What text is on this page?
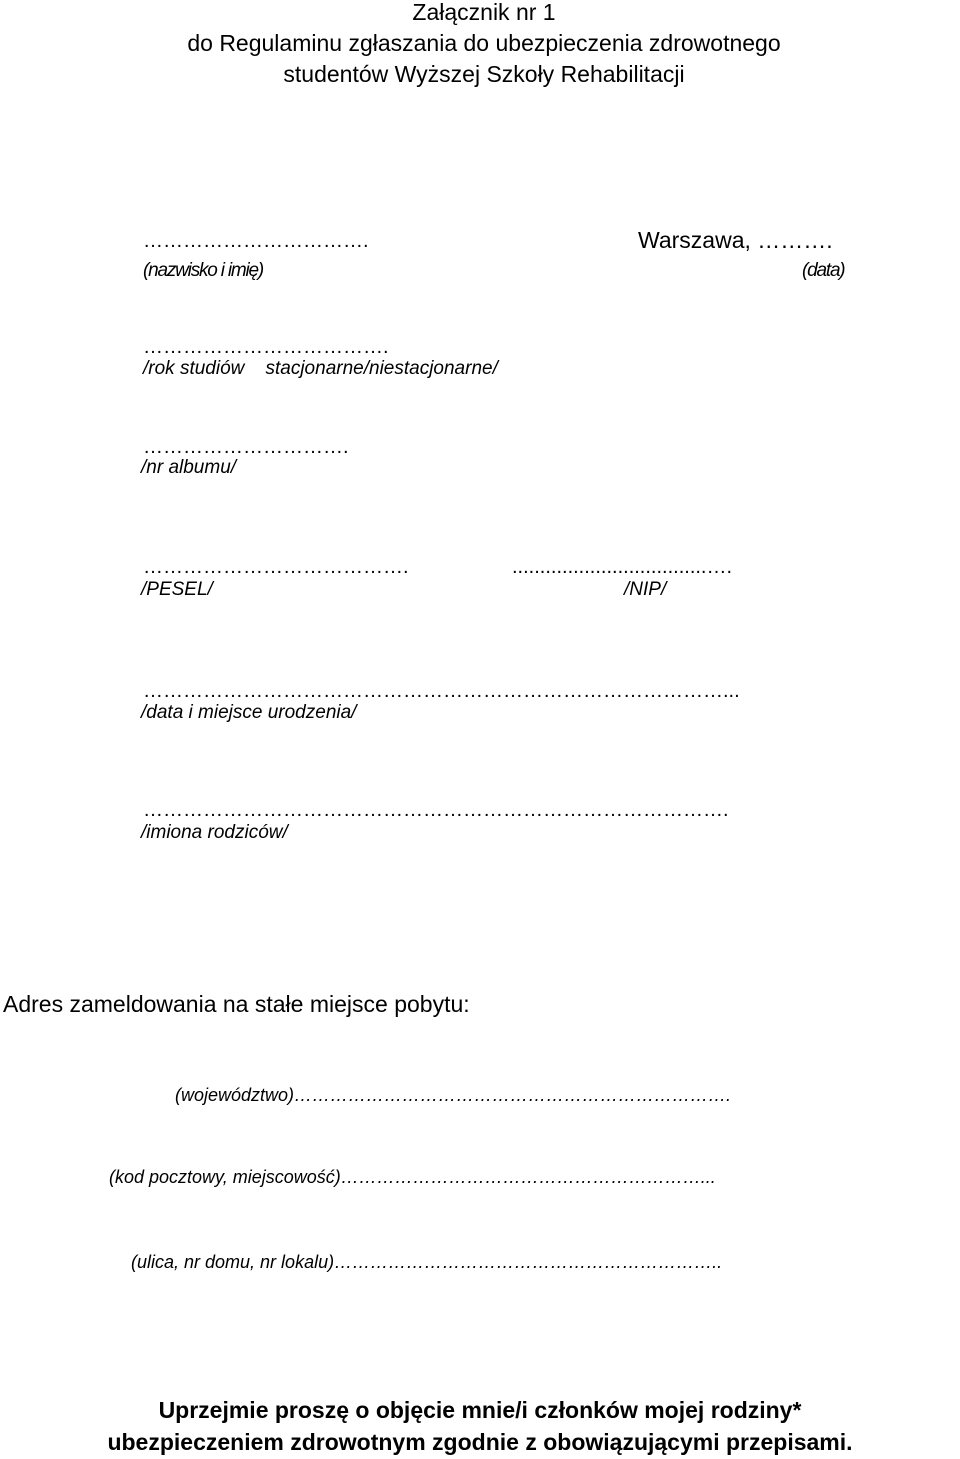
Załącznik nr 1
do Regulaminu zgłaszania do ubezpieczenia zdrowotnego
studentów Wyższej Szkoły Rehabilitacji
…………………………….
(nazwisko i imię)
Warszawa, ……….
(data)
……………………………….
/rok studiów    stacjonarne/niestacjonarne/
………………………….
/nr albumu/
………………………………….
/PESEL/
...................................….
/NIP/
……………………………………………………………………………...
/data i miejsce urodzenia/
…………………………………………………………………………….
/imiona rodziców/
Adres zameldowania na stałe miejsce pobytu:
(województwo)……………………………………………………………….
(kod pocztowy, miejscowość)……………………………………………………...
(ulica, nr domu, nr lokalu)………………………………………………………..
Uprzejmie proszę o objęcie mnie/i członków mojej rodziny*
ubezpieczeniem zdrowotnym zgodnie z obowiązującymi przepisami.
